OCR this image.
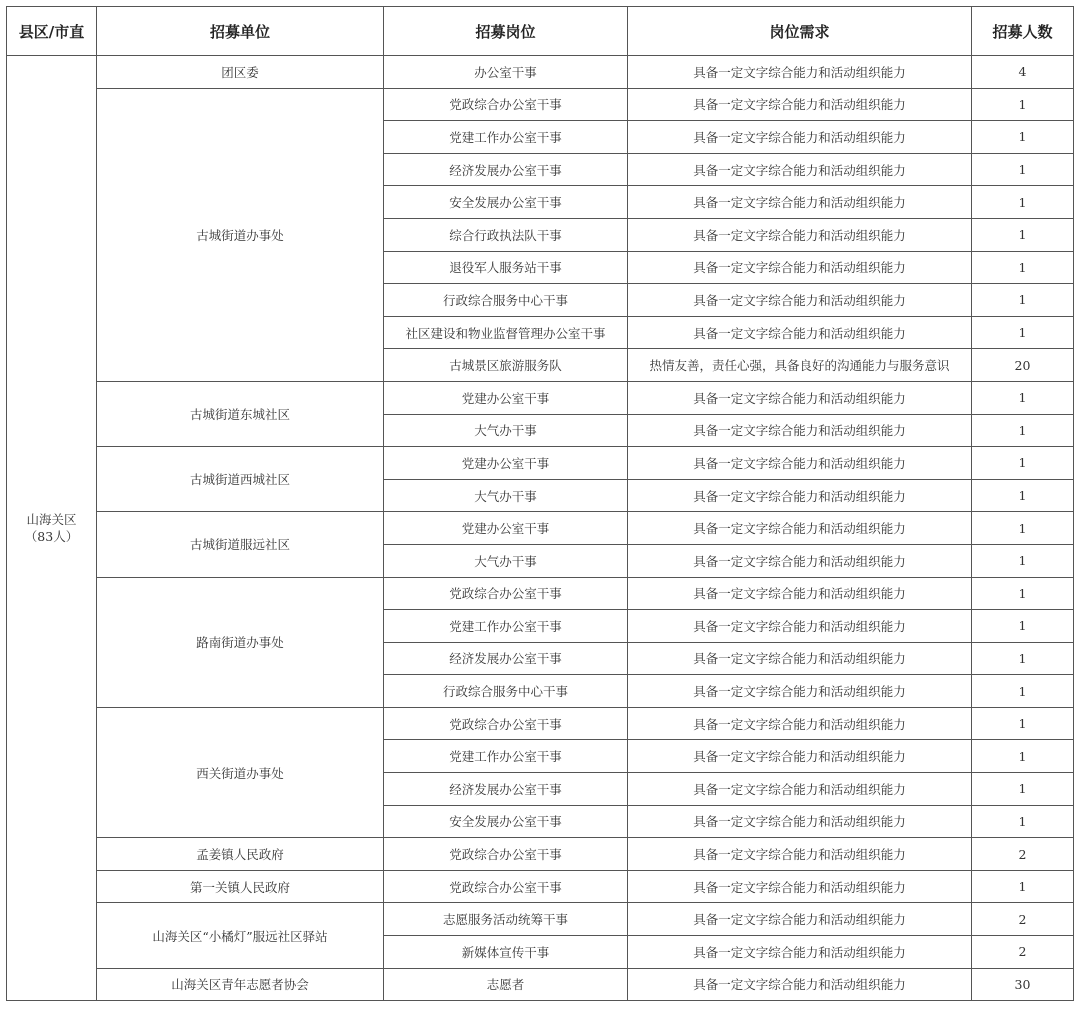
县区/市直	招募单位	招募岗位	岗位需求	招募人数

山海关区
（83人）	团区委	办公室干事	具备一定文字综合能力和活动组织能力	4
	古城街道办事处	党政综合办公室干事	具备一定文字综合能力和活动组织能力	1
		党建工作办公室干事	具备一定文字综合能力和活动组织能力	1
		经济发展办公室干事	具备一定文字综合能力和活动组织能力	1
		安全发展办公室干事	具备一定文字综合能力和活动组织能力	1
		综合行政执法队干事	具备一定文字综合能力和活动组织能力	1
		退役军人服务站干事	具备一定文字综合能力和活动组织能力	1
		行政综合服务中心干事	具备一定文字综合能力和活动组织能力	1
		社区建设和物业监督管理办公室干事	具备一定文字综合能力和活动组织能力	1
		古城景区旅游服务队	热情友善，责任心强，具备良好的沟通能力与服务意识	20
	古城街道东城社区	党建办公室干事	具备一定文字综合能力和活动组织能力	1
		大气办干事	具备一定文字综合能力和活动组织能力	1
	古城街道西城社区	党建办公室干事	具备一定文字综合能力和活动组织能力	1
		大气办干事	具备一定文字综合能力和活动组织能力	1
	古城街道服远社区	党建办公室干事	具备一定文字综合能力和活动组织能力	1
		大气办干事	具备一定文字综合能力和活动组织能力	1
	路南街道办事处	党政综合办公室干事	具备一定文字综合能力和活动组织能力	1
		党建工作办公室干事	具备一定文字综合能力和活动组织能力	1
		经济发展办公室干事	具备一定文字综合能力和活动组织能力	1
		行政综合服务中心干事	具备一定文字综合能力和活动组织能力	1
	西关街道办事处	党政综合办公室干事	具备一定文字综合能力和活动组织能力	1
		党建工作办公室干事	具备一定文字综合能力和活动组织能力	1
		经济发展办公室干事	具备一定文字综合能力和活动组织能力	1
		安全发展办公室干事	具备一定文字综合能力和活动组织能力	1
	孟姜镇人民政府	党政综合办公室干事	具备一定文字综合能力和活动组织能力	2
	第一关镇人民政府	党政综合办公室干事	具备一定文字综合能力和活动组织能力	1
	山海关区“小橘灯”服远社区驿站	志愿服务活动统筹干事	具备一定文字综合能力和活动组织能力	2
		新媒体宣传干事	具备一定文字综合能力和活动组织能力	2
	山海关区青年志愿者协会	志愿者	具备一定文字综合能力和活动组织能力	30
